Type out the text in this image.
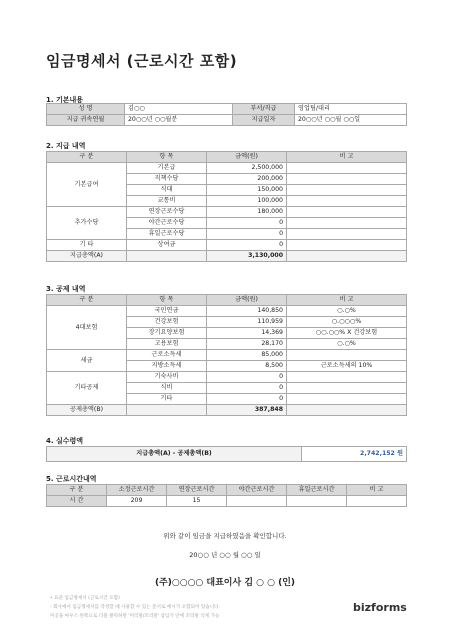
임금명세서 (근로시간 포함)
1. 기본내용
성 명	김○○	부서/직급	영업팀/대리
지급 귀속연월	20○○년 ○○월분	지급일자	20○○년 ○○월 ○○일
2. 지급 내역
구 분	항 목	금액(원)	비 고
기본급여	기본급	2,500,000	
	직책수당	200,000	
	식대	150,000	
	교통비	100,000	
추가수당	연장근로수당	180,000	
	야간근로수당	0	
	휴일근로수당	0	
기 타	상여금	0	
지급총액(A)		3,130,000	
3. 공제 내역
구 분	항 목	금액(원)	비 고
4대보험	국민연금	140,850	○.○%
	건강보험	110,959	○.○○○%
	장기요양보험	14,369	○○.○○% X 건강보험
	고용보험	28,170	○.○%
세금	근로소득세	85,000	
	지방소득세	8,500	근로소득세의 10%
기타공제	기숙사비	0	
	식비	0	
	기타	0	
공제총액(B)		387,848	
4. 실수령액
지급총액(A) - 공제총액(B)	2,742,152 원
5. 근로시간내역
구 분	소정근로시간	연장근로시간	야간근로시간	휴일근로시간	비 고
시 간	209	15			
위와 같이 임금을 지급하였음을 확인합니다.
20○○ 년 ○○ 월 ○○ 일
(주)○○○○ 대표이사 김 ○ ○ (인)
• 표준 임금명세서 (근로시간 포함)
- 회사에서 임금명세서를 작성할 때 사용할 수 있는 문서로 예시가 포함되어 있습니다.
미공을 마우스 왼쪽으로 더블 클릭하면 '머리말/꼬리말' 삽입기 안에 꼬리말 삭제 가능
bizforms
